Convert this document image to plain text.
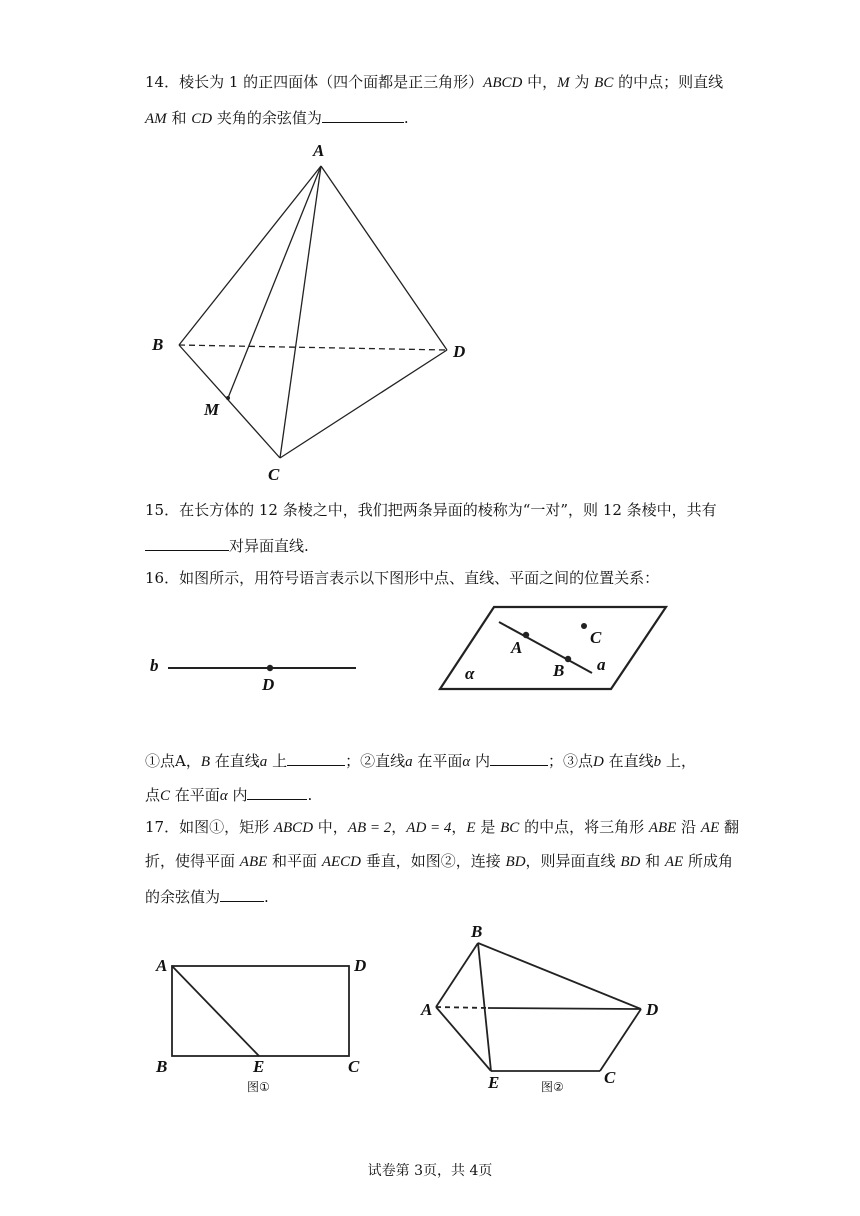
14．棱长为 1 的正四面体（四个面都是正三角形）ABCD 中，M 为 BC 的中点；则直线
AM 和 CD 夹角的余弦值为	.
A
B	D
M
C
15．在长方体的 12 条棱之中，我们把两条异面的棱称为“一对”，则 12 条棱中，共有
对异面直线.
16．如图所示，用符号语言表示以下图形中点、直线、平面之间的位置关系：
b
D
A
B
C
a
α
①点A，B 在直线a 上	；②直线a 在平面α 内	；③点D 在直线b 上，
点C 在平面α 内	.
17．如图①，矩形 ABCD 中，AB = 2，AD = 4，E 是 BC 的中点，将三角形 ABE 沿 AE 翻
折，使得平面 ABE 和平面 AECD 垂直，如图②，连接 BD，则异面直线 BD 和 AE 所成角
的余弦值为	.
A	D
B	E	C
图①
B
A	D
E	C
图②
试卷第 3页，共 4页
